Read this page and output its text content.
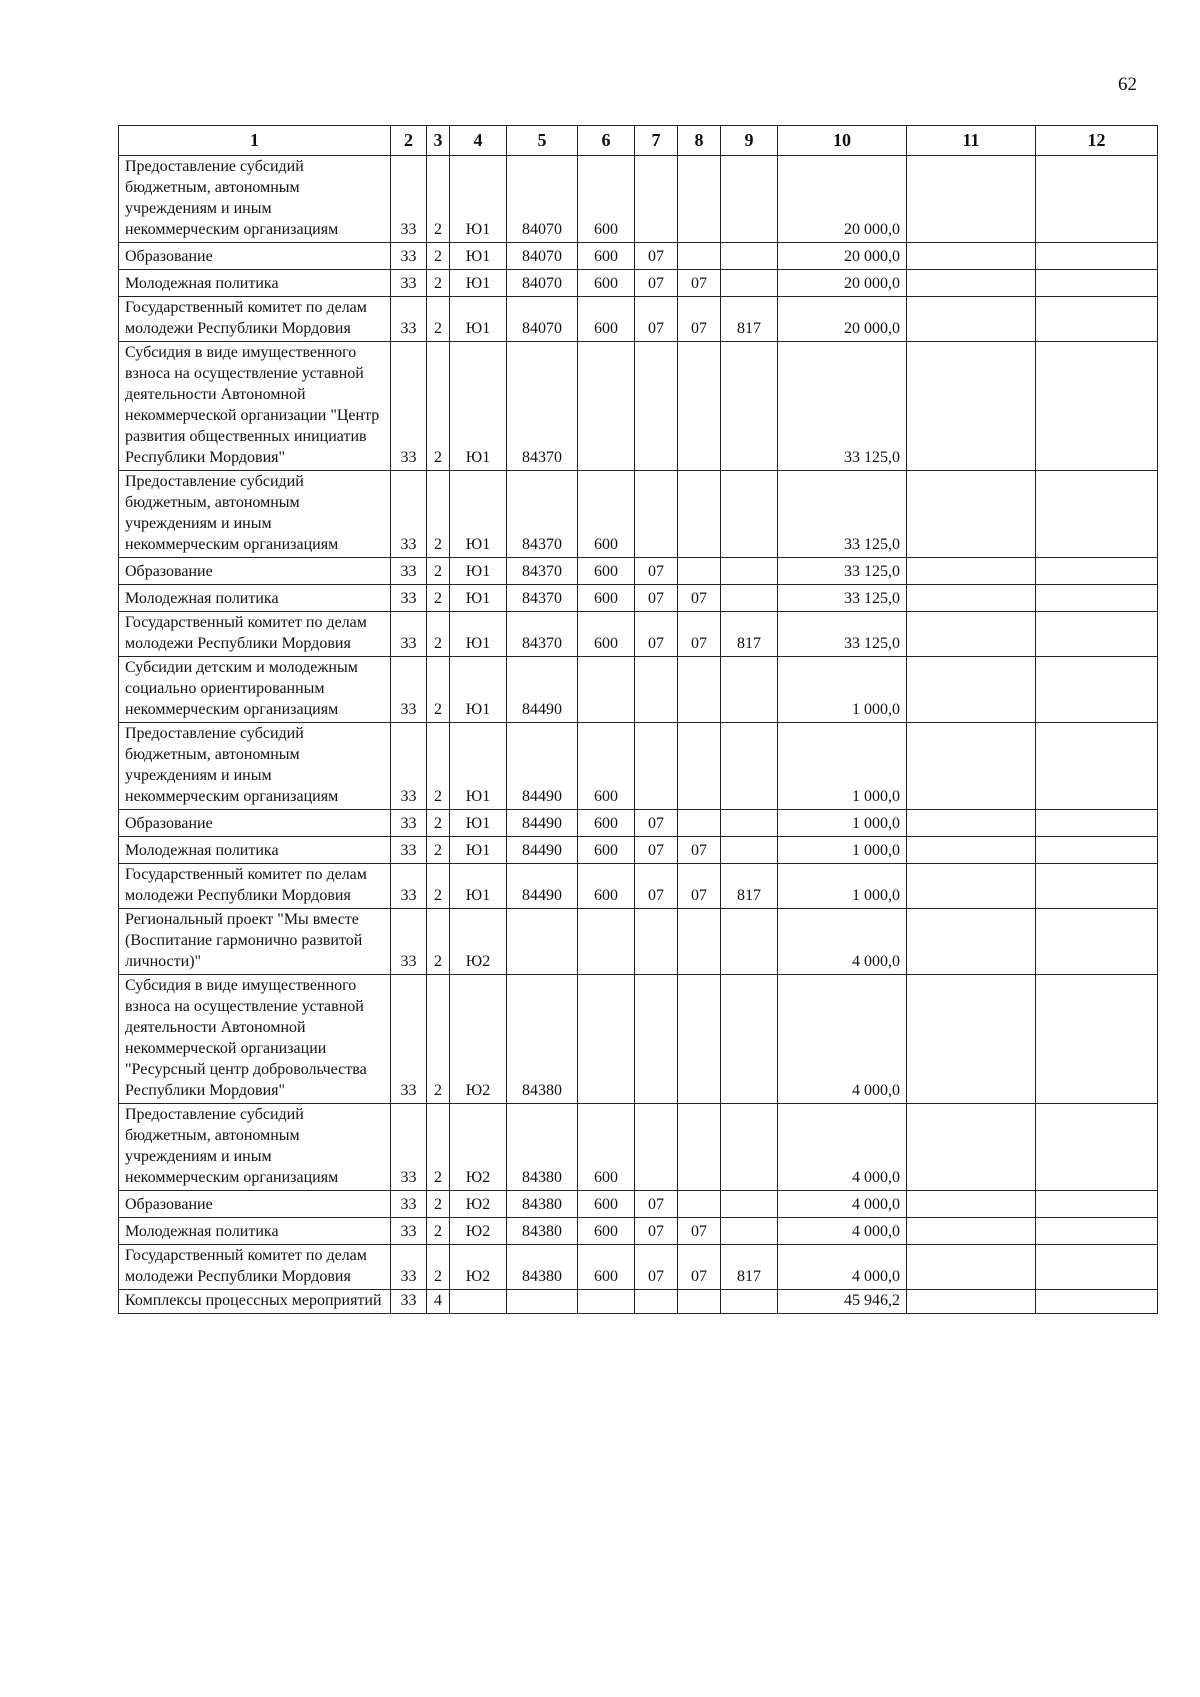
62
1	2	3	4	5	6	7	8	9	10	11	12
Предоставление субсидий бюджетным, автономным учреждениям и иным некоммерческим организациям	33	2	Ю1	84070	600				20 000,0		
Образование	33	2	Ю1	84070	600	07			20 000,0		
Молодежная политика	33	2	Ю1	84070	600	07	07		20 000,0		
Государственный комитет по делам молодежи Республики Мордовия	33	2	Ю1	84070	600	07	07	817	20 000,0		
Субсидия в виде имущественного взноса на осуществление уставной деятельности Автономной некоммерческой организации "Центр развития общественных инициатив Республики Мордовия"	33	2	Ю1	84370					33 125,0		
Предоставление субсидий бюджетным, автономным учреждениям и иным некоммерческим организациям	33	2	Ю1	84370	600				33 125,0		
Образование	33	2	Ю1	84370	600	07			33 125,0		
Молодежная политика	33	2	Ю1	84370	600	07	07		33 125,0		
Государственный комитет по делам молодежи Республики Мордовия	33	2	Ю1	84370	600	07	07	817	33 125,0		
Субсидии детским и молодежным социально ориентированным некоммерческим организациям	33	2	Ю1	84490					1 000,0		
Предоставление субсидий бюджетным, автономным учреждениям и иным некоммерческим организациям	33	2	Ю1	84490	600				1 000,0		
Образование	33	2	Ю1	84490	600	07			1 000,0		
Молодежная политика	33	2	Ю1	84490	600	07	07		1 000,0		
Государственный комитет по делам молодежи Республики Мордовия	33	2	Ю1	84490	600	07	07	817	1 000,0		
Региональный проект "Мы вместе (Воспитание гармонично развитой личности)"	33	2	Ю2						4 000,0		
Субсидия в виде имущественного взноса на осуществление уставной деятельности Автономной некоммерческой организации "Ресурсный центр добровольчества Республики Мордовия"	33	2	Ю2	84380					4 000,0		
Предоставление субсидий бюджетным, автономным учреждениям и иным некоммерческим организациям	33	2	Ю2	84380	600				4 000,0		
Образование	33	2	Ю2	84380	600	07			4 000,0		
Молодежная политика	33	2	Ю2	84380	600	07	07		4 000,0		
Государственный комитет по делам молодежи Республики Мордовия	33	2	Ю2	84380	600	07	07	817	4 000,0		
Комплексы процессных мероприятий	33	4							45 946,2		
